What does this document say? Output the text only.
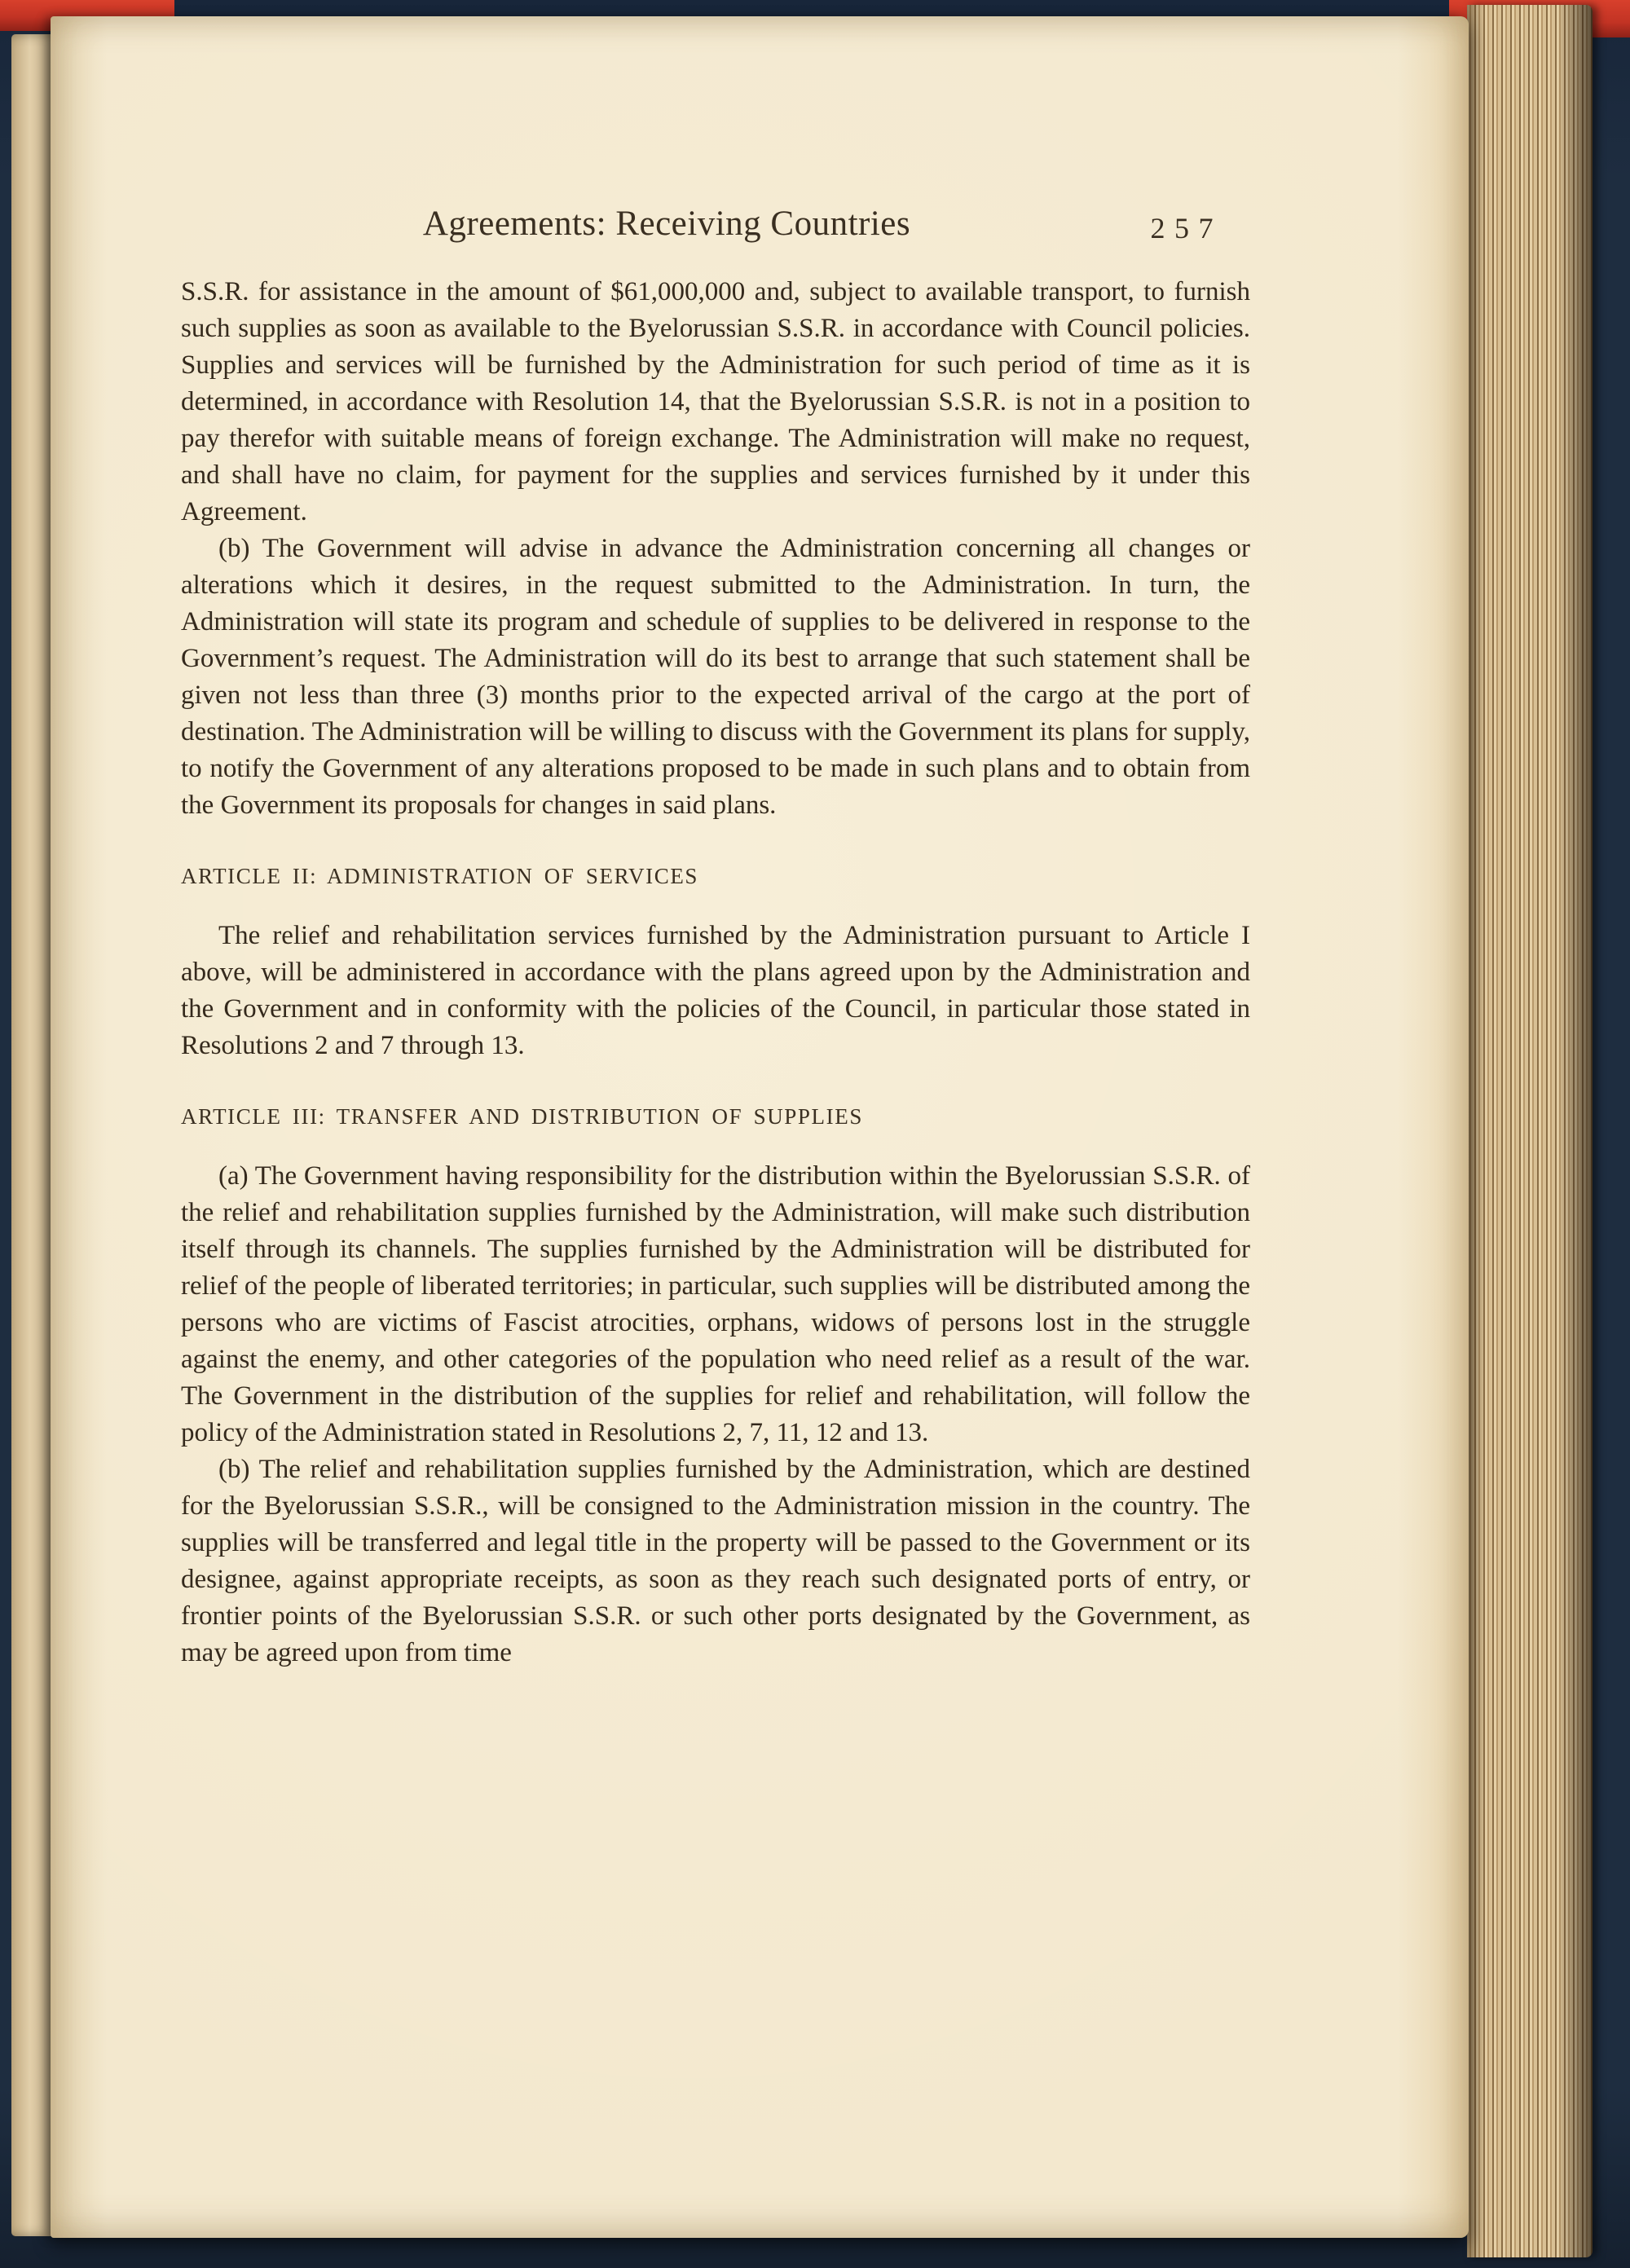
Agreements: Receiving Countries	257
S.S.R. for assistance in the amount of $61,000,000 and, subject to available transport, to furnish such supplies as soon as available to the Byelorussian S.S.R. in accordance with Council policies. Supplies and services will be furnished by the Administration for such period of time as it is determined, in accordance with Resolution 14, that the Byelorussian S.S.R. is not in a position to pay therefor with suitable means of foreign exchange. The Administration will make no request, and shall have no claim, for payment for the supplies and services furnished by it under this Agreement.
(b) The Government will advise in advance the Administration concerning all changes or alterations which it desires, in the request submitted to the Administration. In turn, the Administration will state its program and schedule of supplies to be delivered in response to the Government’s request. The Administration will do its best to arrange that such statement shall be given not less than three (3) months prior to the expected arrival of the cargo at the port of destination. The Administration will be willing to discuss with the Government its plans for supply, to notify the Government of any alterations proposed to be made in such plans and to obtain from the Government its proposals for changes in said plans.
ARTICLE II: ADMINISTRATION OF SERVICES
The relief and rehabilitation services furnished by the Administration pursuant to Article I above, will be administered in accordance with the plans agreed upon by the Administration and the Government and in conformity with the policies of the Council, in particular those stated in Resolutions 2 and 7 through 13.
ARTICLE III: TRANSFER AND DISTRIBUTION OF SUPPLIES
(a) The Government having responsibility for the distribution within the Byelorussian S.S.R. of the relief and rehabilitation supplies furnished by the Administration, will make such distribution itself through its channels. The supplies furnished by the Administration will be distributed for relief of the people of liberated territories; in particular, such supplies will be distributed among the persons who are victims of Fascist atrocities, orphans, widows of persons lost in the struggle against the enemy, and other categories of the population who need relief as a result of the war. The Government in the distribution of the supplies for relief and rehabilitation, will follow the policy of the Administration stated in Resolutions 2, 7, 11, 12 and 13.
(b) The relief and rehabilitation supplies furnished by the Administration, which are destined for the Byelorussian S.S.R., will be consigned to the Administration mission in the country. The supplies will be transferred and legal title in the property will be passed to the Government or its designee, against appropriate receipts, as soon as they reach such designated ports of entry, or frontier points of the Byelorussian S.S.R. or such other ports designated by the Government, as may be agreed upon from time
